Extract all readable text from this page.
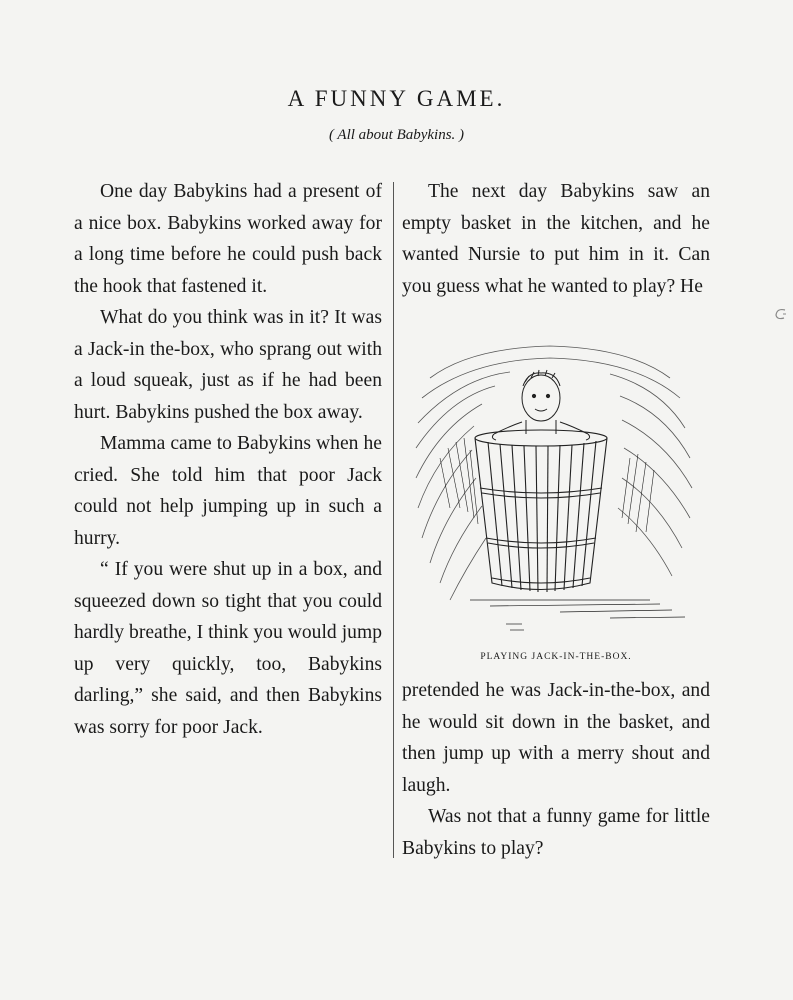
A FUNNY GAME.
( All about Babykins. )

One day Babykins had a present of a nice box. Babykins worked away for a long time before he could push back the hook that fastened it.

What do you think was in it? It was a Jack-in the-box, who sprang out with a loud squeak, just as if he had been hurt. Babykins pushed the box away.

Mamma came to Babykins when he cried. She told him that poor Jack could not help jumping up in such a hurry.

“ If you were shut up in a box, and squeezed down so tight that you could hardly breathe, I think you would jump up very quickly, too, Babykins darling,” she said, and then Babykins was sorry for poor Jack.

The next day Babykins saw an empty basket in the kitchen, and he wanted Nursie to put him in it. Can you guess what he wanted to play? He

PLAYING JACK-IN-THE-BOX.

pretended he was Jack-in-the-box, and he would sit down in the basket, and then jump up with a merry shout and laugh.

Was not that a funny game for little Babykins to play?
